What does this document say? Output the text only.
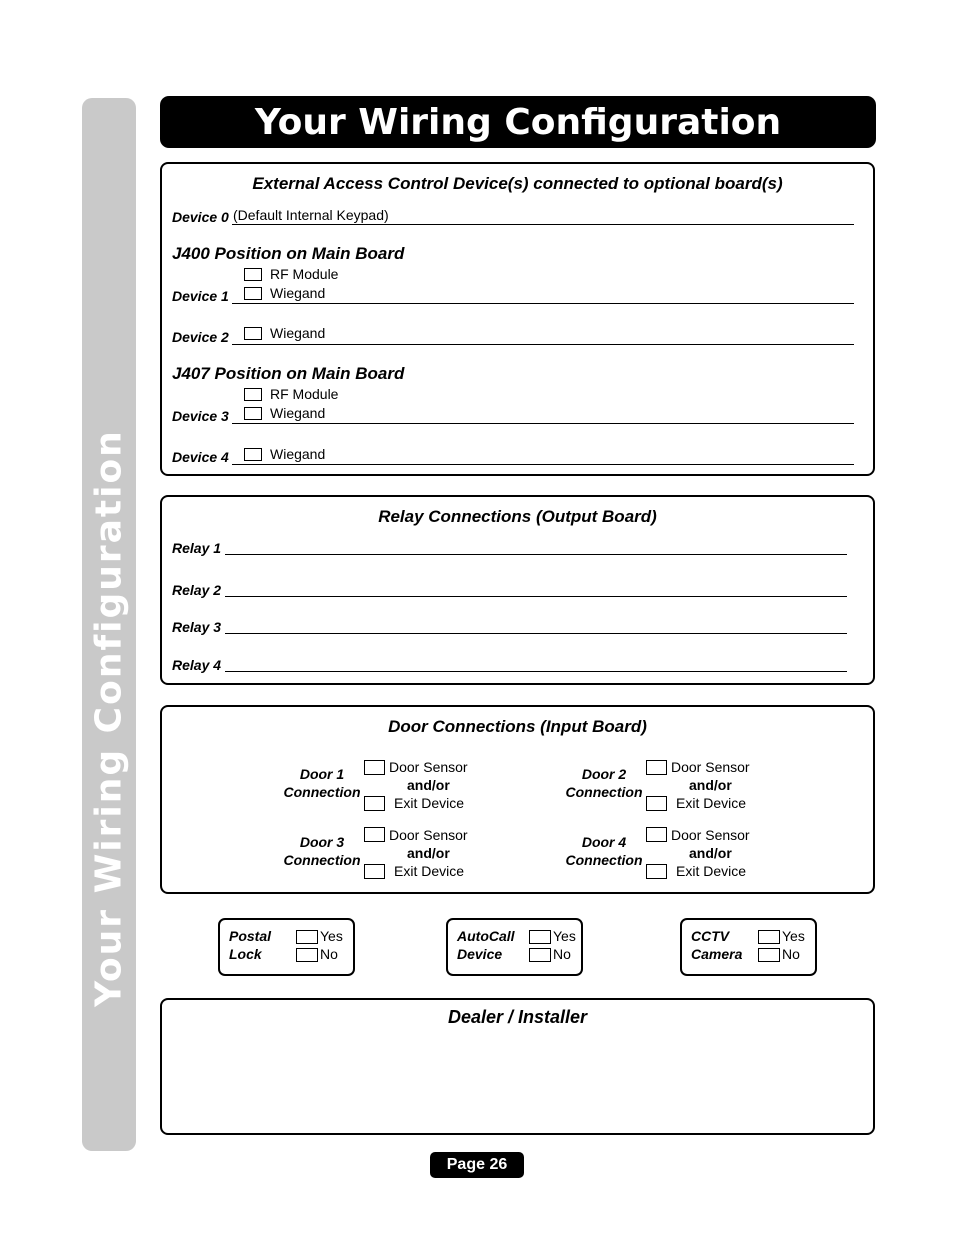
Your Wiring Configuration
Your Wiring Configuration
External Access Control Device(s) connected to optional board(s)
Device 0 (Default Internal Keypad)
J400 Position on Main Board
RF Module
Device 1	Wiegand
Device 2	Wiegand
J407 Position on Main Board
RF Module
Device 3	Wiegand
Device 4	Wiegand
Relay Connections (Output Board)
Relay 1
Relay 2
Relay 3
Relay 4
Door Connections (Input Board)
Door 1
Connection
Door Sensor
and/or
Exit Device
Door 2
Connection
Door Sensor
and/or
Exit Device
Door 3
Connection
Door Sensor
and/or
Exit Device
Door 4
Connection
Door Sensor
and/or
Exit Device
Postal
Lock
Yes
No
AutoCall
Device
Yes
No
CCTV
Camera
Yes
No
Dealer / Installer
Page 26
